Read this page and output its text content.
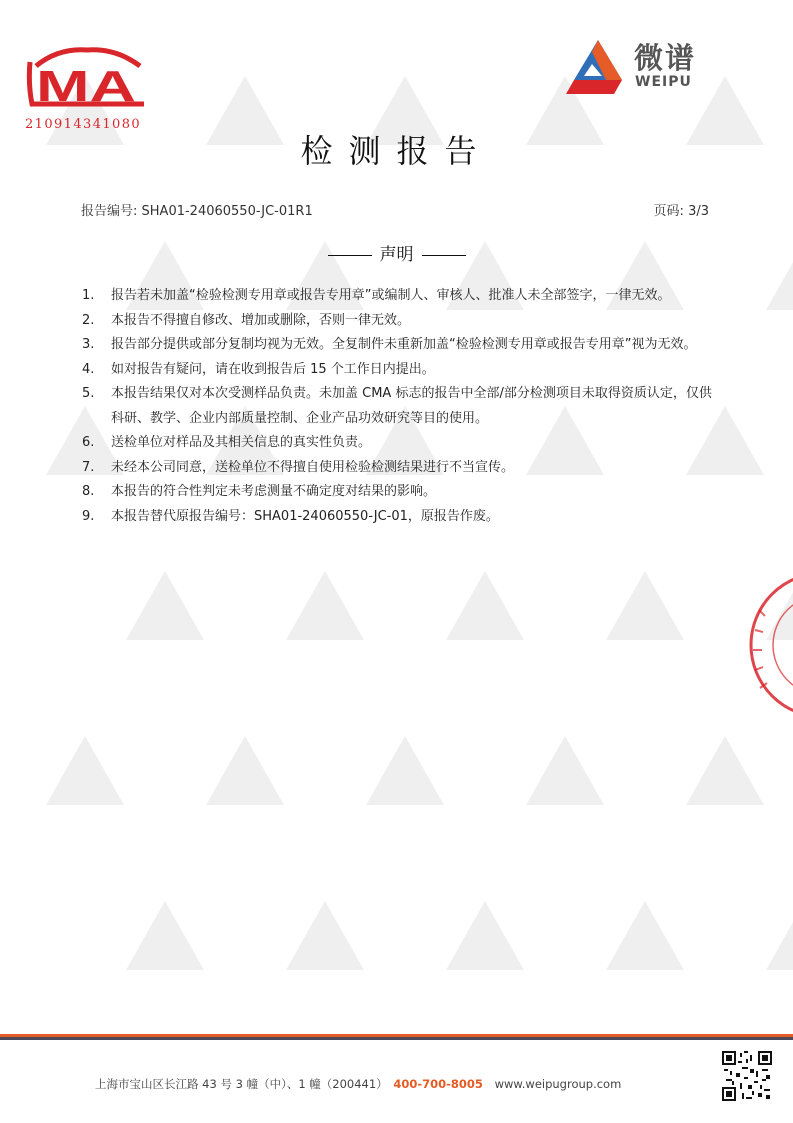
MA
210914341080
微谱
WEIPU
检测报告
报告编号: SHA01-24060550-JC-01R1	页码: 3/3
声明
1.	报告若未加盖“检验检测专用章或报告专用章”或编制人、审核人、批准人未全部签字，一律无效。
2.	本报告不得擅自修改、增加或删除，否则一律无效。
3.	报告部分提供或部分复制均视为无效。全复制件未重新加盖“检验检测专用章或报告专用章”视为无效。
4.	如对报告有疑问，请在收到报告后 15 个工作日内提出。
5.	本报告结果仅对本次受测样品负责。未加盖 CMA 标志的报告中全部/部分检测项目未取得资质认定，仅供科研、教学、企业内部质量控制、企业产品功效研究等目的使用。
6.	送检单位对样品及其相关信息的真实性负责。
7.	未经本公司同意，送检单位不得擅自使用检验检测结果进行不当宣传。
8.	本报告的符合性判定未考虑测量不确定度对结果的影响。
9.	本报告替代原报告编号：SHA01-24060550-JC-01，原报告作废。
上海市宝山区长江路 43 号 3 幢（中）、1 幢（200441） 400-700-8005 www.weipugroup.com
